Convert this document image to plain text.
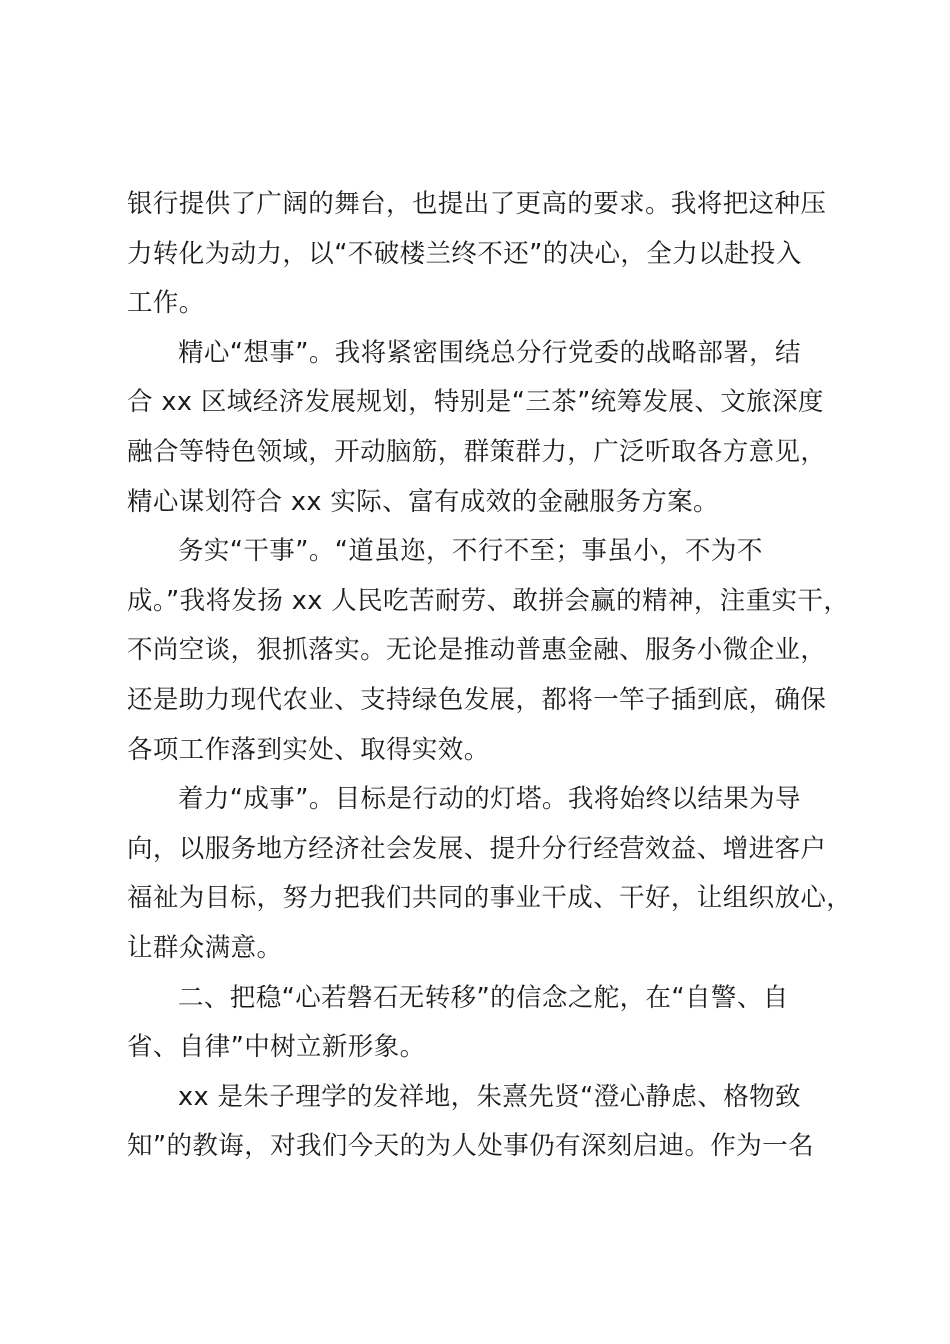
银行提供了广阔的舞台，也提出了更高的要求。我将把这种压
力转化为动力，以“不破楼兰终不还”的决心，全力以赴投入
工作。
精心“想事”。我将紧密围绕总分行党委的战略部署，结
合 xx 区域经济发展规划，特别是“三茶”统筹发展、文旅深度
融合等特色领域，开动脑筋，群策群力，广泛听取各方意见，
精心谋划符合 xx 实际、富有成效的金融服务方案。
务实“干事”。“道虽迩，不行不至；事虽小，不为不
成。”我将发扬 xx 人民吃苦耐劳、敢拼会赢的精神，注重实干，
不尚空谈，狠抓落实。无论是推动普惠金融、服务小微企业，
还是助力现代农业、支持绿色发展，都将一竿子插到底，确保
各项工作落到实处、取得实效。
着力“成事”。目标是行动的灯塔。我将始终以结果为导
向，以服务地方经济社会发展、提升分行经营效益、增进客户
福祉为目标，努力把我们共同的事业干成、干好，让组织放心，
让群众满意。
二、把稳“心若磐石无转移”的信念之舵，在“自警、自
省、自律”中树立新形象。
xx 是朱子理学的发祥地，朱熹先贤“澄心静虑、格物致
知”的教诲，对我们今天的为人处事仍有深刻启迪。作为一名
